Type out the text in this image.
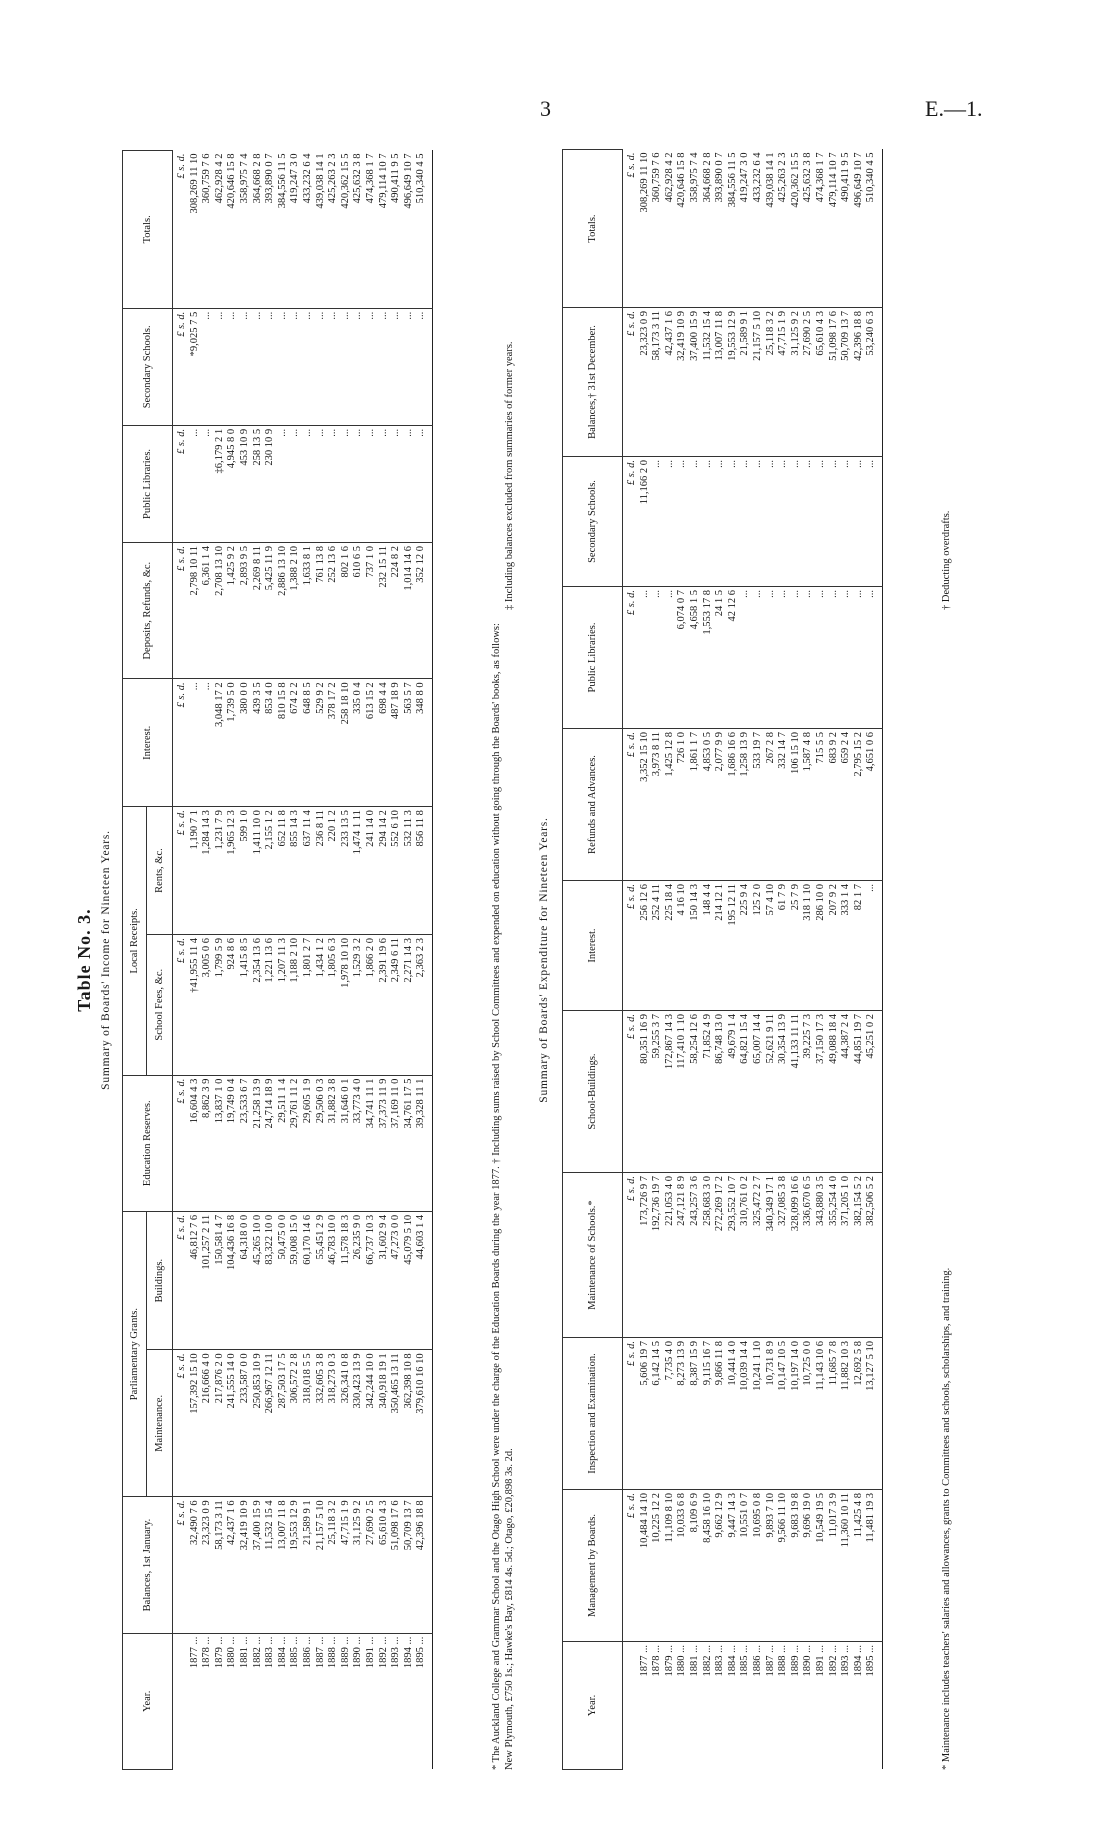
3	E.—1.
Table No. 3. Summary of Boards' Income for Nineteen Years.
Year.	Balances, 1st January.	Parliamentary Grants.		Education Reserves.	Local Receipts.		Interest.	Deposits, Refunds, &c.	Public Libraries.	Secondary Schools.	Totals.
		Maintenance.	Buildings.		School Fees, &c.	Rents, &c.					
	£ s. d.	£ s. d.	£ s. d.	£ s. d.	£ s. d.	£ s. d.	£ s. d.	£ s. d.	£ s. d.	£ s. d.	£ s. d.
1877 ...	32,490 7 6	157,392 15 10	46,812 7 6	16,604 4 3	†41,955 11 4	1,190 7 1	...	2,798 10 11	...	*9,025 7 5	308,269 11 10
1878 ...	23,323 0 9	216,666 4 0	101,257 2 11	8,862 3 9	3,005 0 6	1,284 14 3	...	6,361 1 4	...	...	360,759 7 6
1879 ...	58,173 3 11	217,876 2 0	150,581 4 7	13,837 1 0	1,799 5 9	1,231 7 9	3,048 17 2	2,708 13 10	‡6,179 2 1	...	462,928 4 2
1880 ...	42,437 1 6	241,555 14 0	104,436 16 8	19,749 0 4	924 8 6	1,965 12 3	1,739 5 0	1,425 9 2	4,945 8 0	...	420,646 15 8
1881 ...	32,419 10 9	233,587 0 0	64,318 0 0	23,533 6 7	1,415 8 5	599 1 0	380 0 0	2,893 9 5	453 10 9	...	358,975 7 4
1882 ...	37,400 15 9	250,853 10 9	45,265 10 0	21,258 13 9	2,354 13 6	1,411 10 0	439 3 5	2,269 8 11	258 13 5	...	364,668 2 8
1883 ...	11,532 15 4	266,967 12 11	83,322 10 0	24,714 18 9	1,221 13 6	2,155 1 2	853 4 0	5,425 11 9	230 10 9	...	393,890 0 7
1884 ...	13,007 11 8	287,503 17 5	50,475 0 0	29,511 1 4	1,207 11 3	652 11 8	810 15 8	2,886 13 10	...	...	384,556 11 5
1885 ...	19,553 12 9	306,572 2 8	59,008 15 0	29,761 11 2	1,188 2 10	855 14 3	674 2 2	1,388 2 10	...	...	419,247 3 0
1886 ...	21,589 9 1	318,018 5 5	60,170 14 6	29,605 1 9	1,801 2 7	637 11 4	648 8 5	1,633 8 1	...	...	433,232 6 4
1887 ...	21,157 5 10	332,605 3 8	55,451 2 9	29,506 0 3	1,434 1 2	236 8 11	529 9 2	761 13 8	...	...	439,038 14 1
1888 ...	25,118 3 2	318,273 0 3	46,783 10 0	31,882 3 8	1,805 6 3	220 1 2	378 17 2	252 13 6	...	...	425,263 2 3
1889 ...	47,715 1 9	326,341 0 8	11,578 18 3	31,646 0 1	1,978 10 10	233 13 5	258 18 10	802 1 6	...	...	420,362 15 5
1890 ...	31,125 9 2	330,423 13 9	26,235 9 0	33,773 4 0	1,529 3 2	1,474 1 11	335 0 4	610 6 5	...	...	425,632 3 8
1891 ...	27,690 2 5	342,244 10 0	66,737 10 3	34,741 11 1	1,866 2 0	241 14 0	613 15 2	737 1 0	...	...	474,368 1 7
1892 ...	65,610 4 3	340,918 19 1	31,602 9 4	37,373 11 9	2,391 19 6	294 14 2	698 4 4	232 15 11	...	...	479,114 10 7
1893 ...	51,098 17 6	350,465 13 11	47,273 0 0	37,169 11 0	2,349 6 11	552 6 10	487 18 9	224 8 2	...	...	490,411 9 5
1894 ...	50,709 13 7	362,398 10 8	45,079 5 10	34,761 17 5	2,271 14 3	532 11 3	563 5 7	1,014 14 6	...	...	496,649 10 7
1895 ...	42,396 18 8	379,610 16 10	44,603 1 4	39,328 11 1	2,363 2 3	856 11 8	348 8 0	352 12 0	...	...	510,340 4 5
* The Auckland College and Grammar School and the Otago High School were under the charge of the Education Boards during the year 1877. † Including sums raised by School Committees and expended on education without going through the Boards' books, as follows: New Plymouth, £750 1s.; Hawke's Bay, £814 4s. 5d.; Otago, £20,898 3s. 2d.
‡ Including balances excluded from summaries of former years.
Summary of Boards' Expenditure for Nineteen Years.
Year.	Management by Boards.	Inspection and Examination.	Maintenance of Schools.*	School-Buildings.	Interest.	Refunds and Advances.	Public Libraries.	Secondary Schools.	Balances,† 31st December.	Totals.
	£ s. d.	£ s. d.	£ s. d.	£ s. d.	£ s. d.	£ s. d.	£ s. d.	£ s. d.	£ s. d.	£ s. d.
1877 ...	10,484 14 10	5,606 19 7	173,726 9 7	80,351 16 9	256 12 6	3,352 15 10	...	11,166 2 0	23,323 0 9	308,269 11 10
1878 ...	10,225 12 2	6,142 14 5	192,736 19 7	59,255 3 7	252 4 11	3,973 8 11	...	...	58,173 3 11	360,759 7 6
1879 ...	11,109 8 10	7,735 4 0	221,053 4 0	172,867 14 3	225 18 4	1,425 12 8	...	...	42,437 1 6	462,928 4 2
1880 ...	10,033 6 8	8,273 13 9	247,121 8 9	117,410 1 10	4 16 10	726 1 0	6,074 0 7	...	32,419 10 9	420,646 15 8
1881 ...	8,109 6 9	8,387 15 9	243,257 3 6	58,254 12 6	150 14 3	1,861 1 7	4,658 1 5	...	37,400 15 9	358,975 7 4
1882 ...	8,458 16 10	9,115 16 7	258,683 3 0	71,852 4 9	148 4 4	4,853 0 5	1,553 17 8	...	11,532 15 4	364,668 2 8
1883 ...	9,662 12 9	9,866 11 8	272,269 17 2	86,748 13 0	214 12 1	2,077 9 9	24 1 5	...	13,007 11 8	393,890 0 7
1884 ...	9,447 14 3	10,441 4 0	293,552 10 7	49,679 1 4	195 12 11	1,686 16 6	42 12 6	...	19,553 12 9	384,556 11 5
1885 ...	10,551 0 7	10,039 14 4	310,761 0 2	64,821 15 4	225 9 4	1,258 13 9	...	...	21,589 9 1	419,247 3 0
1886 ...	10,695 0 8	10,241 1 10	325,472 2 7	65,007 14 4	125 2 0	533 19 7	...	...	21,157 5 10	433,232 6 4
1887 ...	9,893 7 10	10,731 8 9	340,349 17 1	52,621 9 11	57 4 10	267 2 8	...	...	25,118 3 2	439,038 14 1
1888 ...	9,566 11 10	10,147 10 5	327,085 3 8	30,354 13 9	61 7 9	332 14 7	...	...	47,715 1 9	425,263 2 3
1889 ...	9,683 19 8	10,197 14 0	328,099 16 6	41,133 11 11	25 7 9	106 15 10	...	...	31,125 9 2	420,362 15 5
1890 ...	9,696 19 0	10,725 0 0	336,670 6 5	39,225 7 3	318 1 10	1,587 4 8	...	...	27,690 2 5	425,632 3 8
1891 ...	10,549 19 5	11,143 10 6	343,880 3 5	37,150 17 3	286 10 0	715 5 5	...	...	65,610 4 3	474,368 1 7
1892 ...	11,017 3 9	11,685 7 8	355,254 4 0	49,088 18 4	207 9 2	683 9 2	...	...	51,098 17 6	479,114 10 7
1893 ...	11,360 10 11	11,882 10 3	371,205 1 0	44,387 2 4	333 1 4	659 2 4	...	...	50,709 13 7	490,411 9 5
1894 ...	11,425 4 8	12,692 5 8	382,154 5 2	44,851 19 7	82 1 7	2,795 15 2	...	...	42,396 18 8	496,649 10 7
1895 ...	11,481 19 3	13,127 5 10	382,506 5 2	45,251 0 2	...	4,651 0 6	...	...	53,240 6 3	510,340 4 5
* Maintenance includes teachers' salaries and allowances, grants to Committees and schools, scholarships, and training.
† Deducting overdrafts.
